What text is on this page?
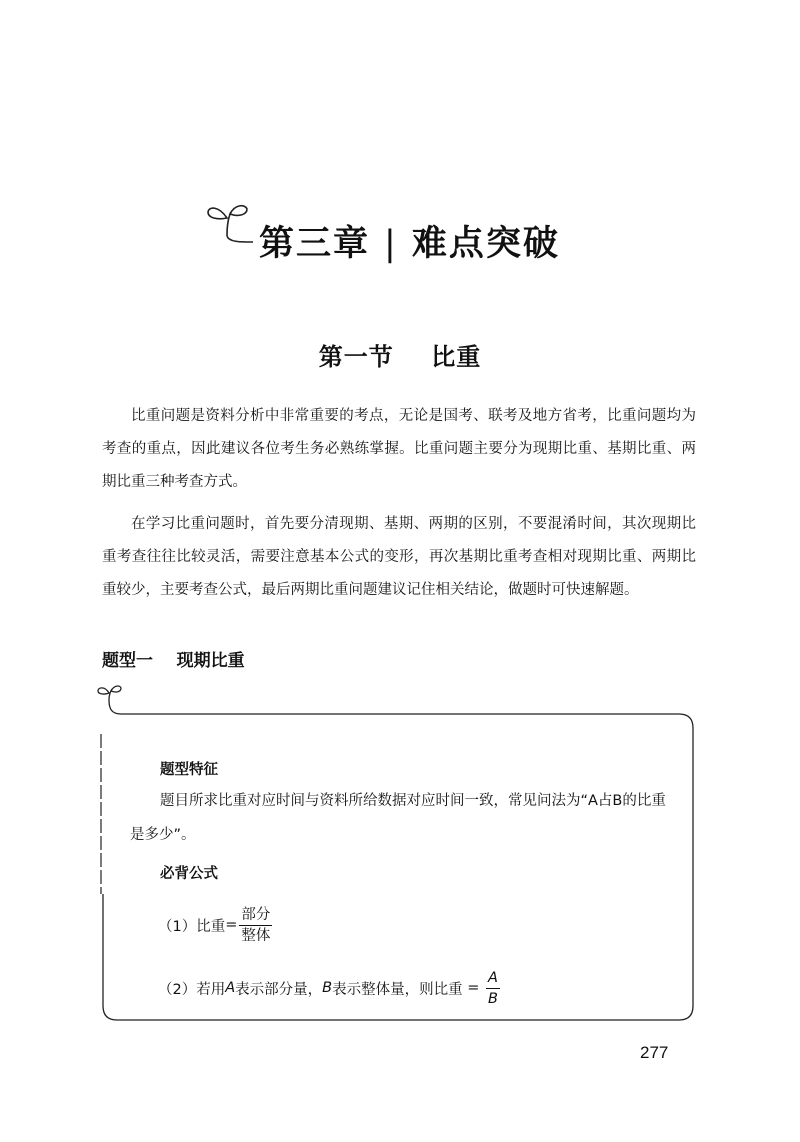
第三章 | 难点突破
第一节    比重
比重问题是资料分析中非常重要的考点，无论是国考、联考及地方省考，比重问题均为考查的重点，因此建议各位考生务必熟练掌握。比重问题主要分为现期比重、基期比重、两期比重三种考查方式。
在学习比重问题时，首先要分清现期、基期、两期的区别，不要混淆时间，其次现期比重考查往往比较灵活，需要注意基本公式的变形，再次基期比重考查相对现期比重、两期比重较少，主要考查公式，最后两期比重问题建议记住相关结论，做题时可快速解题。
题型一    现期比重
题型特征
题目所求比重对应时间与资料所给数据对应时间一致，常见问法为“A占B的比重是多少”。
必背公式
（1）比重 = $\frac{\text{部分}}{\text{整体}}$
（2）若用 A 表示部分量， B 表示整体量，则比重 = $\frac{A}{B}$
277
